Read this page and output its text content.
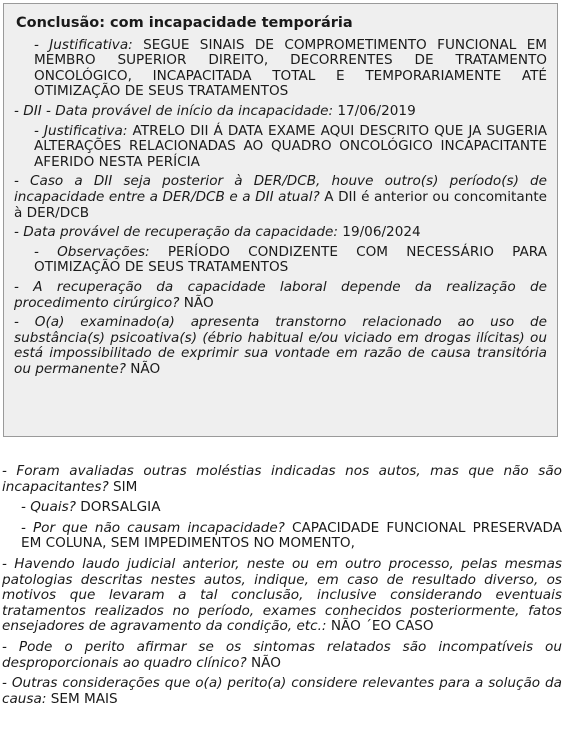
Conclusão: com incapacidade temporária
- Justificativa: SEGUE SINAIS DE COMPROMETIMENTO FUNCIONAL EM MEMBRO SUPERIOR DIREITO, DECORRENTES DE TRATAMENTO ONCOLÓGICO, INCAPACITADA TOTAL E TEMPORARIAMENTE ATÉ OTIMIZAÇÃO DE SEUS TRATAMENTOS
- DII - Data provável de início da incapacidade: 17/06/2019
- Justificativa: ATRELO DII Á DATA EXAME AQUI DESCRITO QUE JA SUGERIA ALTERAÇÕES RELACIONADAS AO QUADRO ONCOLÓGICO INCAPACITANTE AFERIDO NESTA PERÍCIA
- Caso a DII seja posterior à DER/DCB, houve outro(s) período(s) de incapacidade entre a DER/DCB e a DII atual? A DII é anterior ou concomitante à DER/DCB
- Data provável de recuperação da capacidade: 19/06/2024
- Observações: PERÍODO CONDIZENTE COM NECESSÁRIO PARA OTIMIZAÇÃO DE SEUS TRATAMENTOS
- A recuperação da capacidade laboral depende da realização de procedimento cirúrgico? NÃO
- O(a) examinado(a) apresenta transtorno relacionado ao uso de substância(s) psicoativa(s) (ébrio habitual e/ou viciado em drogas ilícitas) ou está impossibilitado de exprimir sua vontade em razão de causa transitória ou permanente? NÃO
- Foram avaliadas outras moléstias indicadas nos autos, mas que não são incapacitantes? SIM
- Quais? DORSALGIA
- Por que não causam incapacidade? CAPACIDADE FUNCIONAL PRESERVADA EM COLUNA, SEM IMPEDIMENTOS NO MOMENTO,
- Havendo laudo judicial anterior, neste ou em outro processo, pelas mesmas patologias descritas nestes autos, indique, em caso de resultado diverso, os motivos que levaram a tal conclusão, inclusive considerando eventuais tratamentos realizados no período, exames conhecidos posteriormente, fatos ensejadores de agravamento da condição, etc.: NÃO ´EO CASO
- Pode o perito afirmar se os sintomas relatados são incompatíveis ou desproporcionais ao quadro clínico? NÃO
- Outras considerações que o(a) perito(a) considere relevantes para a solução da causa: SEM MAIS
